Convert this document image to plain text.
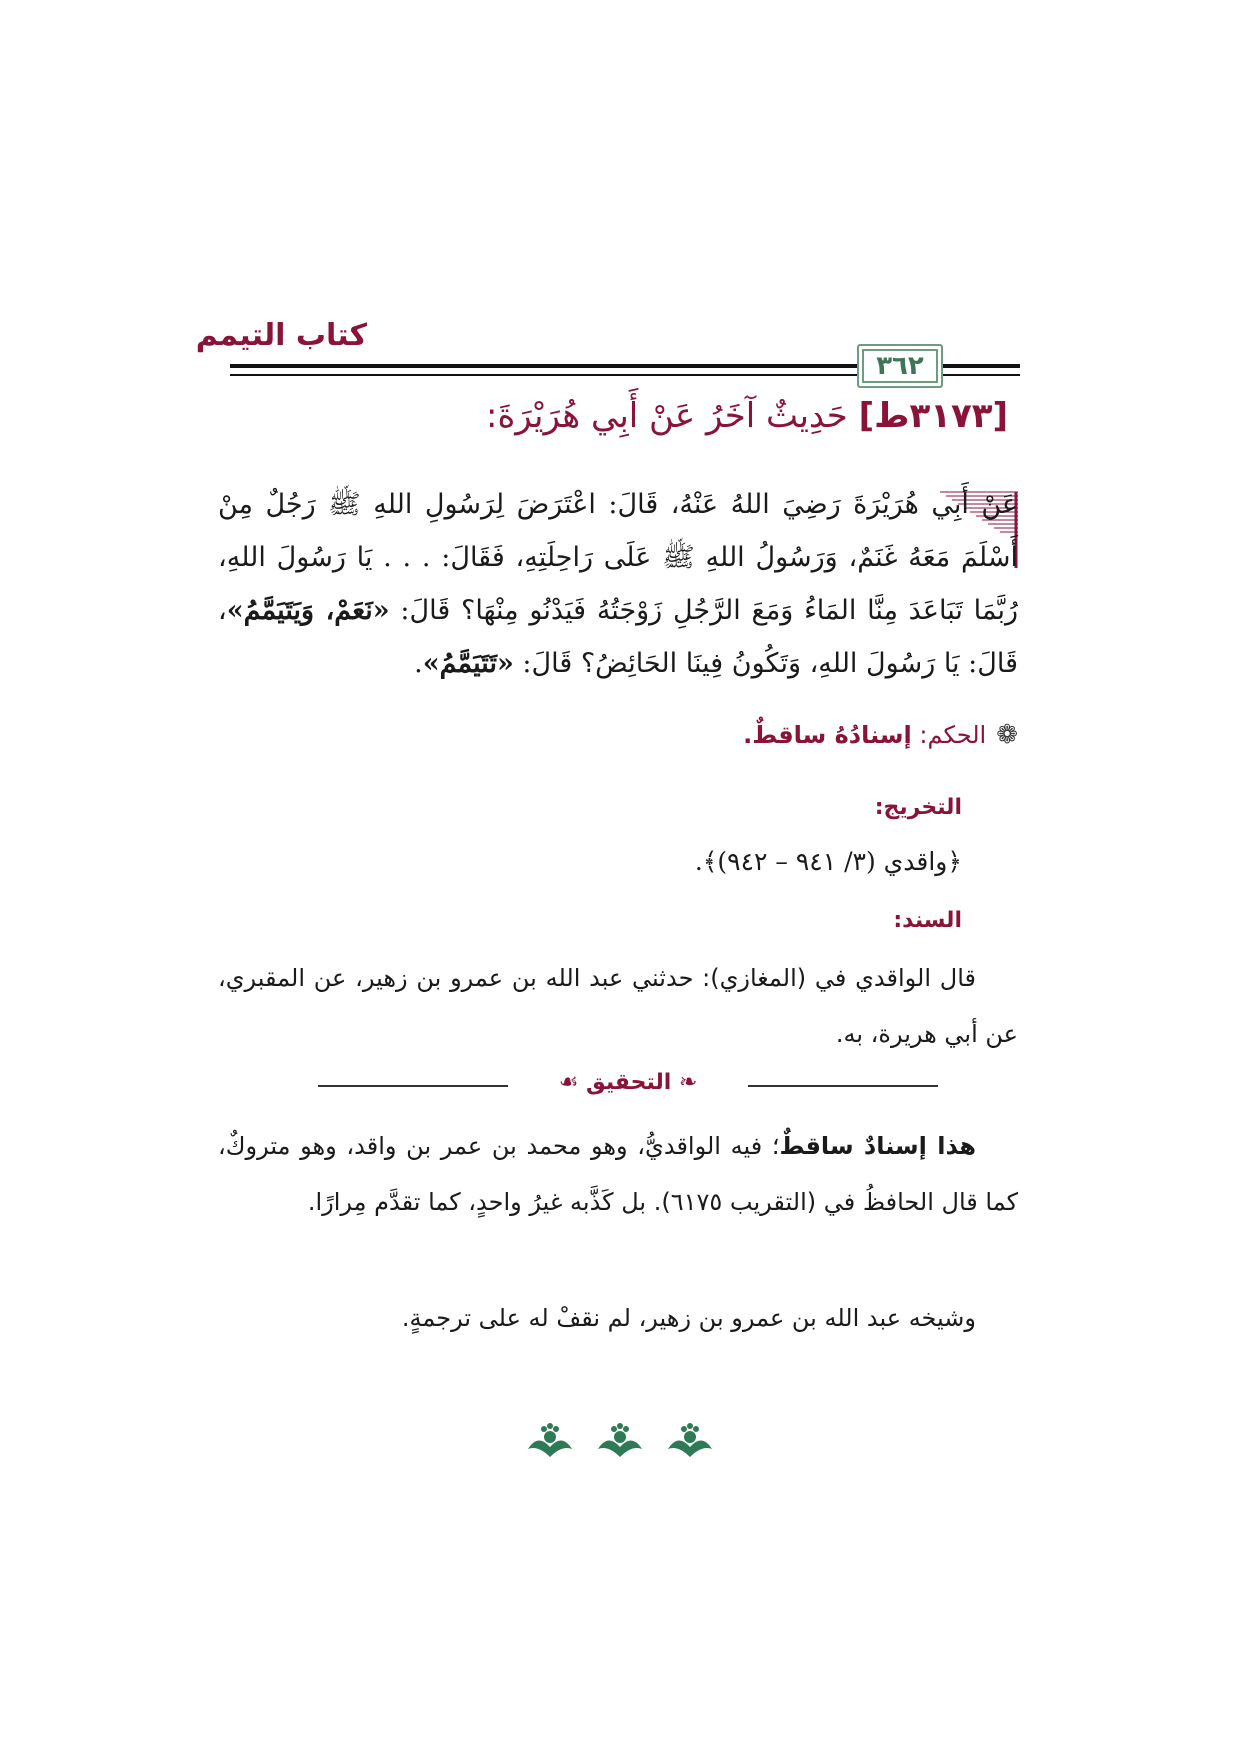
كتاب التيمم
٣٦٢
[٣١٧٣ط] حَدِيثٌ آخَرُ عَنْ أَبِي هُرَيْرَةَ:
عَنْ أَبِي هُرَيْرَةَ رَضِيَ اللهُ عَنْهُ، قَالَ: اعْتَرَضَ لِرَسُولِ اللهِ ﷺ رَجُلٌ مِنْ أَسْلَمَ مَعَهُ غَنَمٌ، وَرَسُولُ اللهِ ﷺ عَلَى رَاحِلَتِهِ، فَقَالَ: . . . يَا رَسُولَ اللهِ، رُبَّمَا تَبَاعَدَ مِنَّا المَاءُ وَمَعَ الرَّجُلِ زَوْجَتُهُ فَيَدْنُو مِنْهَا؟ قَالَ: «نَعَمْ، وَيَتَيَمَّمُ»، قَالَ: يَا رَسُولَ اللهِ، وَتَكُونُ فِينَا الحَائِضُ؟ قَالَ: «تَتَيَمَّمُ».
❁الحكم: إسنادُهُ ساقطٌ.
التخريج:
﴿واقدي (٣/ ٩٤١ – ٩٤٢)﴾.
السند:
قال الواقدي في (المغازي): حدثني عبد الله بن عمرو بن زهير، عن المقبري، عن أبي هريرة، به.
❧ التحقيق ☙
هذا إسنادٌ ساقطٌ؛ فيه الواقديُّ، وهو محمد بن عمر بن واقد، وهو متروكٌ، كما قال الحافظُ في (التقريب ٦١٧٥). بل كَذَّبه غيرُ واحدٍ، كما تقدَّم مِرارًا.
وشيخه عبد الله بن عمرو بن زهير، لم نقفْ له على ترجمةٍ.
